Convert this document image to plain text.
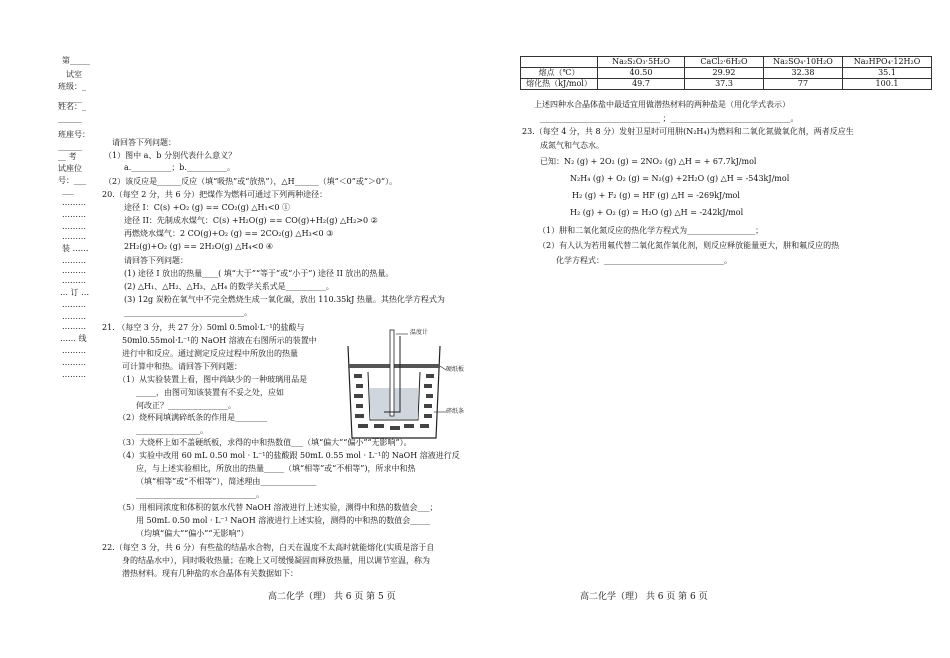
第_____
试室
班级：_
______
姓名：_
______
班座号：
______
__ 考
试座位
号：___
___
………
………
………
………
装 ……
………
………
………
… 订 …
………
………
………
…… 线
………
………
………
请回答下列问题：
（1）图中 a、b 分别代表什么意义？
a.__________；b.__________。
（2）该反应是______反应（填“吸热”或“放热”），△H______（填“＜0”或“＞0”）。
20.（每空 2 分，共 6 分）把煤作为燃料可通过下列两种途径：
途径 I：C(s) +O₂ (g) == CO₂(g) △H₁<0 ①
途径 II：先制成水煤气：C(s) +H₂O(g) == CO(g)+H₂(g) △H₂>0 ②
再燃烧水煤气：2 CO(g)+O₂ (g) == 2CO₂(g) △H₃<0 ③
2H₂(g)+O₂ (g) == 2H₂O(g) △H₄<0 ④
请回答下列问题：
(1) 途径 I 放出的热量____( 填“大于”“等于”或“小于”) 途径 II 放出的热量。
(2) △H₁、△H₂、△H₃、△H₄ 的数学关系式是__________。
(3) 12g 炭粉在氧气中不完全燃烧生成一氧化碳，放出 110.35kJ 热量。其热化学方程式为
______________________________。
21. （每空 3 分，共 27 分）50ml 0.5mol·L⁻¹的盐酸与
50ml0.55mol·L⁻¹的 NaOH 溶液在右图所示的装置中
进行中和反应。通过测定反应过程中所放出的热量
可计算中和热。请回答下列问题：
（1）从实验装置上看，图中尚缺少的一种玻璃用品是
_____，由图可知该装置有不妥之处，应如
何改正？_______________。
（2）烧杯间填满碎纸条的作用是________
________________。
（3）大烧杯上如不盖硬纸板，求得的中和热数值___（填“偏大”“偏小”“无影响”）。
（4）实验中改用 60 mL 0.50 mol · L⁻¹的盐酸跟 50mL 0.55 mol · L⁻¹的 NaOH 溶液进行反
应，与上述实验相比，所放出的热量_____（填“相等”或“不相等”)，所求中和热
（填“相等”或“不相等”），简述理由______________
______________________________。
（5）用相同浓度和体积的氨水代替 NaOH 溶液进行上述实验，测得中和热的数值会___；
用 50mL 0.50 mol · L⁻¹ NaOH 溶液进行上述实验，测得的中和热的数值会_____
（均填“偏大”“偏小”“无影响”）
22.（每空 3 分，共 6 分）有些盐的结晶水合物，白天在温度不太高时就能熔化(实质是溶于自
身的结晶水中），同时吸收热量；在晚上又可缓慢凝固而释放热量，用以调节室温，称为
潜热材料。现有几种盐的水合晶体有关数据如下：
温度计
硬纸板
碎纸条
	Na₂S₂O₃·5H₂O	CaCl₂·6H₂O	Na₂SO₄·10H₂O	Na₂HPO₄·12H₂O
熔点（℃）	40.50	29.92	32.38	35.1
熔化热（kJ/mol）	49.7	37.3	77	100.1
上述四种水合晶体盐中最适宜用做潜热材料的两种盐是（用化学式表示）
______________________________ ；______________________________。
23.（每空 4 分，共 8 分）发射卫星时可用肼(N₂H₄)为燃料和二氧化氮做氧化剂，两者反应生
成氮气和气态水。
已知：N₂ (g) + 2O₂ (g) = 2NO₂ (g) △H = + 67.7kJ/mol
N₂H₄ (g) + O₂ (g) = N₂(g) +2H₂O (g) △H = -543kJ/mol
H₂ (g) + F₂ (g) = HF (g) △H = -269kJ/mol
H₂ (g) + O₂ (g) = H₂O (g) △H = -242kJ/mol
（1）肼和二氧化氮反应的热化学方程式为_________________；
（2）有人认为若用氟代替二氧化氮作氧化剂，则反应释放能量更大，肼和氟反应的热
化学方程式：______________________________。
高二化学（理） 共 6 页 第 5 页	高二化学（理） 共 6 页 第 6 页
